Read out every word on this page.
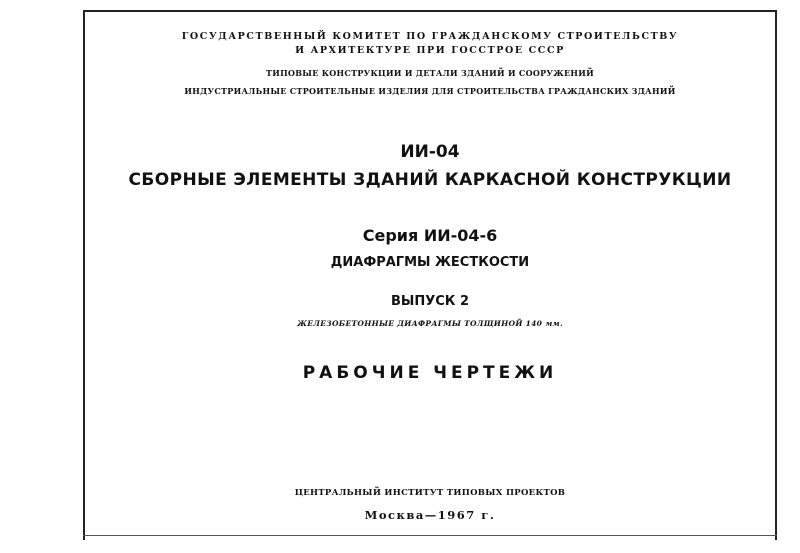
ГОСУДАРСТВЕННЫЙ КОМИТЕТ ПО ГРАЖДАНСКОМУ СТРОИТЕЛЬСТВУ
И АРХИТЕКТУРЕ ПРИ ГОССТРОЕ СССР
ТИПОВЫЕ КОНСТРУКЦИИ И ДЕТАЛИ ЗДАНИЙ И СООРУЖЕНИЙ
ИНДУСТРИАЛЬНЫЕ СТРОИТЕЛЬНЫЕ ИЗДЕЛИЯ ДЛЯ СТРОИТЕЛЬСТВА ГРАЖДАНСКИХ ЗДАНИЙ
ИИ-04
СБОРНЫЕ ЭЛЕМЕНТЫ ЗДАНИЙ КАРКАСНОЙ КОНСТРУКЦИИ
Серия ИИ-04-6
ДИАФРАГМЫ ЖЕСТКОСТИ
ВЫПУСК 2
ЖЕЛЕЗОБЕТОННЫЕ ДИАФРАГМЫ ТОЛЩИНОЙ 140 мм.
РАБОЧИЕ ЧЕРТЕЖИ
ЦЕНТРАЛЬНЫЙ ИНСТИТУТ ТИПОВЫХ ПРОЕКТОВ
Москва—1967 г.
